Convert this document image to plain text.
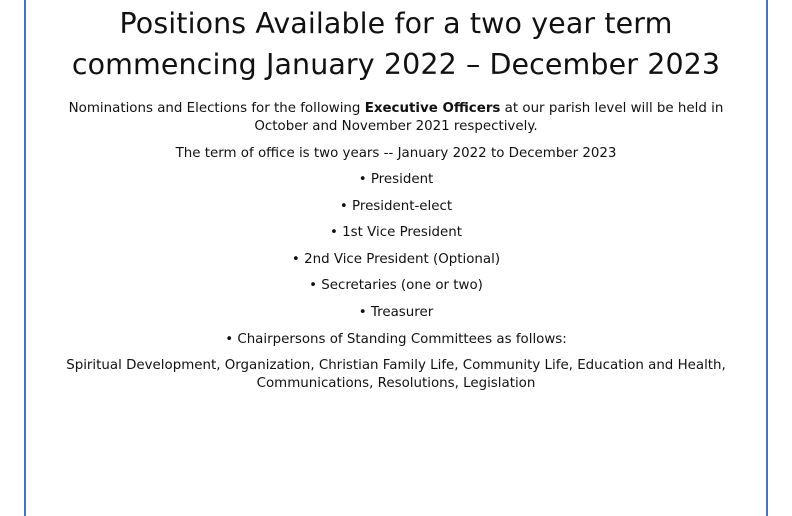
Positions Available for a two year term commencing January 2022 – December 2023

Nominations and Elections for the following Executive Officers at our parish level will be held in October and November 2021 respectively.

The term of office is two years -- January 2022 to December 2023

• President
• President-elect
• 1st Vice President
• 2nd Vice President (Optional)
• Secretaries (one or two)
• Treasurer
• Chairpersons of Standing Committees as follows:

Spiritual Development, Organization, Christian Family Life, Community Life, Education and Health, Communications, Resolutions, Legislation
